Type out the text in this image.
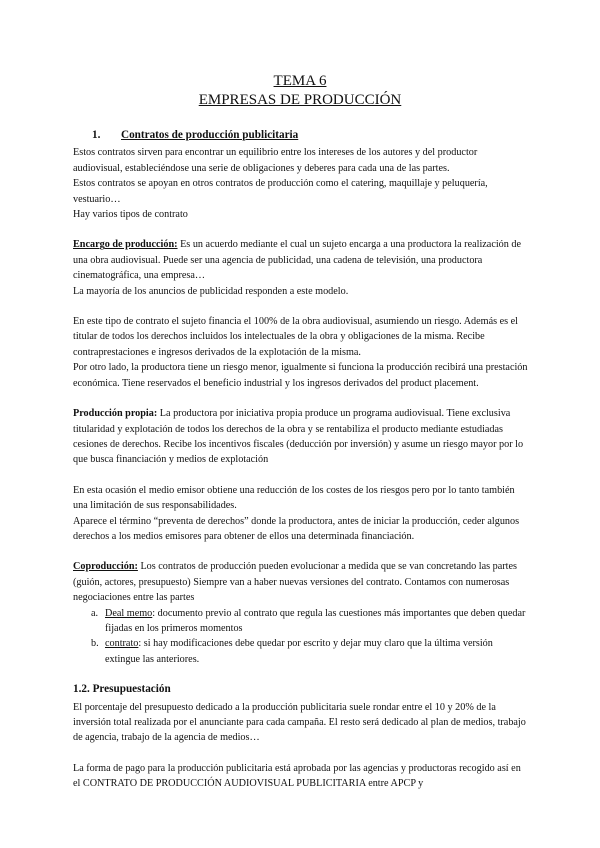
TEMA 6
EMPRESAS DE PRODUCCIÓN
1. Contratos de producción publicitaria

Estos contratos sirven para encontrar un equilibrio entre los intereses de los autores y del productor audiovisual, estableciéndose una serie de obligaciones y deberes para cada una de las partes.

Estos contratos se apoyan en otros contratos de producción como el catering, maquillaje y peluquería, vestuario…

Hay varios tipos de contrato

Encargo de producción: Es un acuerdo mediante el cual un sujeto encarga a una productora la realización de una obra audiovisual. Puede ser una agencia de publicidad, una cadena de televisión, una productora cinematográfica, una empresa…

La mayoría de los anuncios de publicidad responden a este modelo.

En este tipo de contrato el sujeto financia el 100% de la obra audiovisual, asumiendo un riesgo. Además es el titular de todos los derechos incluidos los intelectuales de la obra y obligaciones de la misma. Recibe contraprestaciones e ingresos derivados de la explotación de la misma.

Por otro lado, la productora tiene un riesgo menor, igualmente si funciona la producción recibirá una prestación económica. Tiene reservados el beneficio industrial y los ingresos derivados del product placement.

Producción propia: La productora por iniciativa propia produce un programa audiovisual. Tiene exclusiva titularidad y explotación de todos los derechos de la obra y se rentabiliza el producto mediante estudiadas cesiones de derechos. Recibe los incentivos fiscales (deducción por inversión) y asume un riesgo mayor por lo que busca financiación y medios de explotación

En esta ocasión el medio emisor obtiene una reducción de los costes de los riesgos pero por lo tanto también una limitación de sus responsabilidades.

Aparece el término “preventa de derechos” donde la productora, antes de iniciar la producción, ceder algunos derechos a los medios emisores para obtener de ellos una determinada financiación.

Coproducción: Los contratos de producción pueden evolucionar a medida que se van concretando las partes (guión, actores, presupuesto) Siempre van a haber nuevas versiones del contrato. Contamos con numerosas negociaciones entre las partes

a. Deal memo: documento previo al contrato que regula las cuestiones más importantes que deben quedar fijadas en los primeros momentos
b. contrato: si hay modificaciones debe quedar por escrito y dejar muy claro que la última versión extingue las anteriores.
1.2. Presupuestación

El porcentaje del presupuesto dedicado a la producción publicitaria suele rondar entre el 10 y 20% de la inversión total realizada por el anunciante para cada campaña. El resto será dedicado al plan de medios, trabajo de agencia, trabajo de la agencia de medios…

La forma de pago para la producción publicitaria está aprobada por las agencias y productoras recogido así en el CONTRATO DE PRODUCCIÓN AUDIOVISUAL PUBLICITARIA entre APCP y
